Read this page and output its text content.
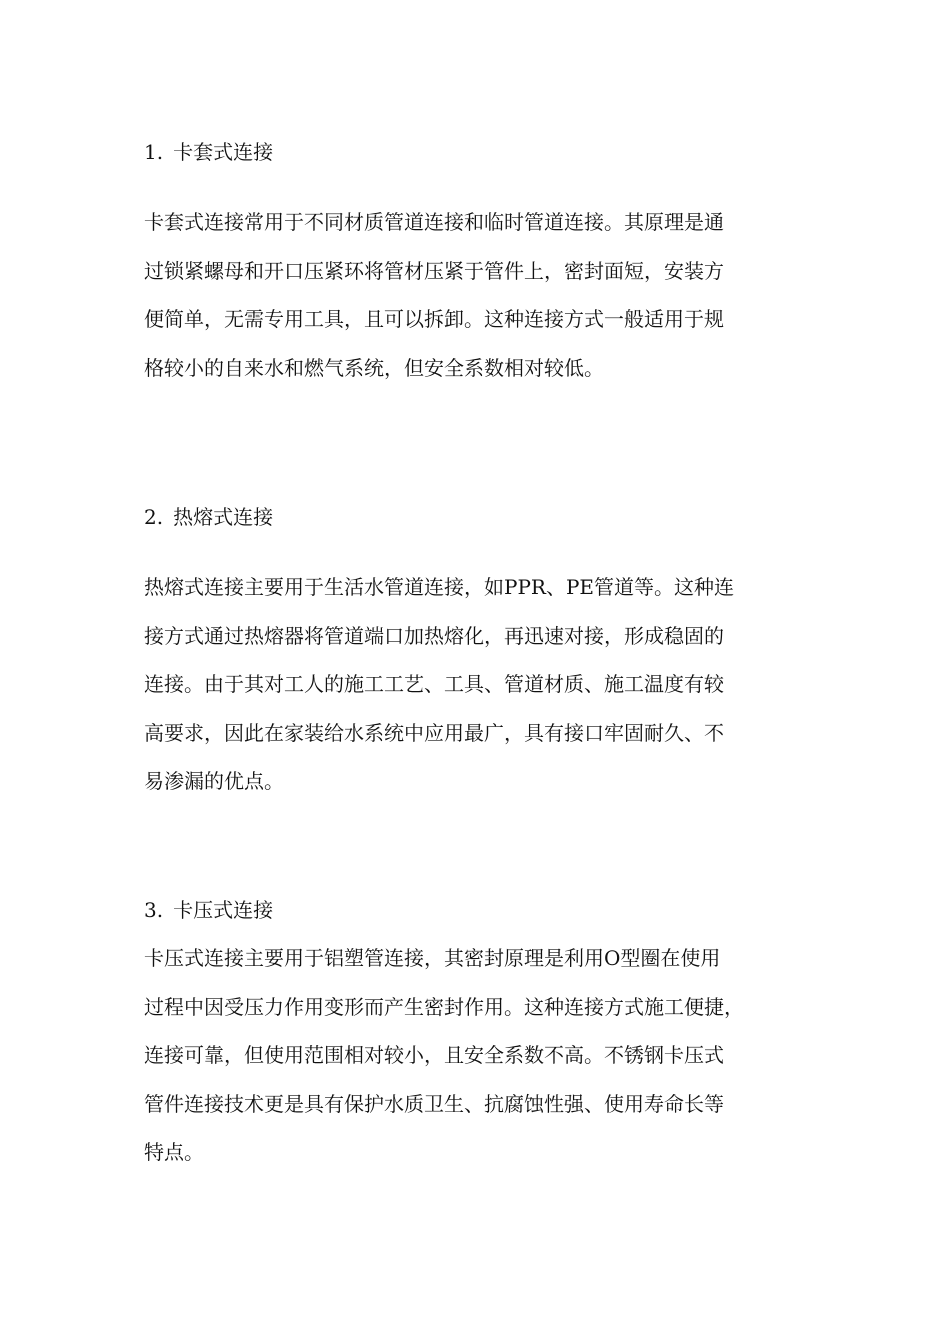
1. 卡套式连接
卡套式连接常用于不同材质管道连接和临时管道连接。其原理是通
过锁紧螺母和开口压紧环将管材压紧于管件上，密封面短，安装方
便简单，无需专用工具，且可以拆卸。这种连接方式一般适用于规
格较小的自来水和燃气系统，但安全系数相对较低。
2. 热熔式连接
热熔式连接主要用于生活水管道连接，如PPR、PE管道等。这种连
接方式通过热熔器将管道端口加热熔化，再迅速对接，形成稳固的
连接。由于其对工人的施工工艺、工具、管道材质、施工温度有较
高要求，因此在家装给水系统中应用最广，具有接口牢固耐久、不
易渗漏的优点。
3. 卡压式连接
卡压式连接主要用于铝塑管连接，其密封原理是利用O型圈在使用
过程中因受压力作用变形而产生密封作用。这种连接方式施工便捷，
连接可靠，但使用范围相对较小，且安全系数不高。不锈钢卡压式
管件连接技术更是具有保护水质卫生、抗腐蚀性强、使用寿命长等
特点。
